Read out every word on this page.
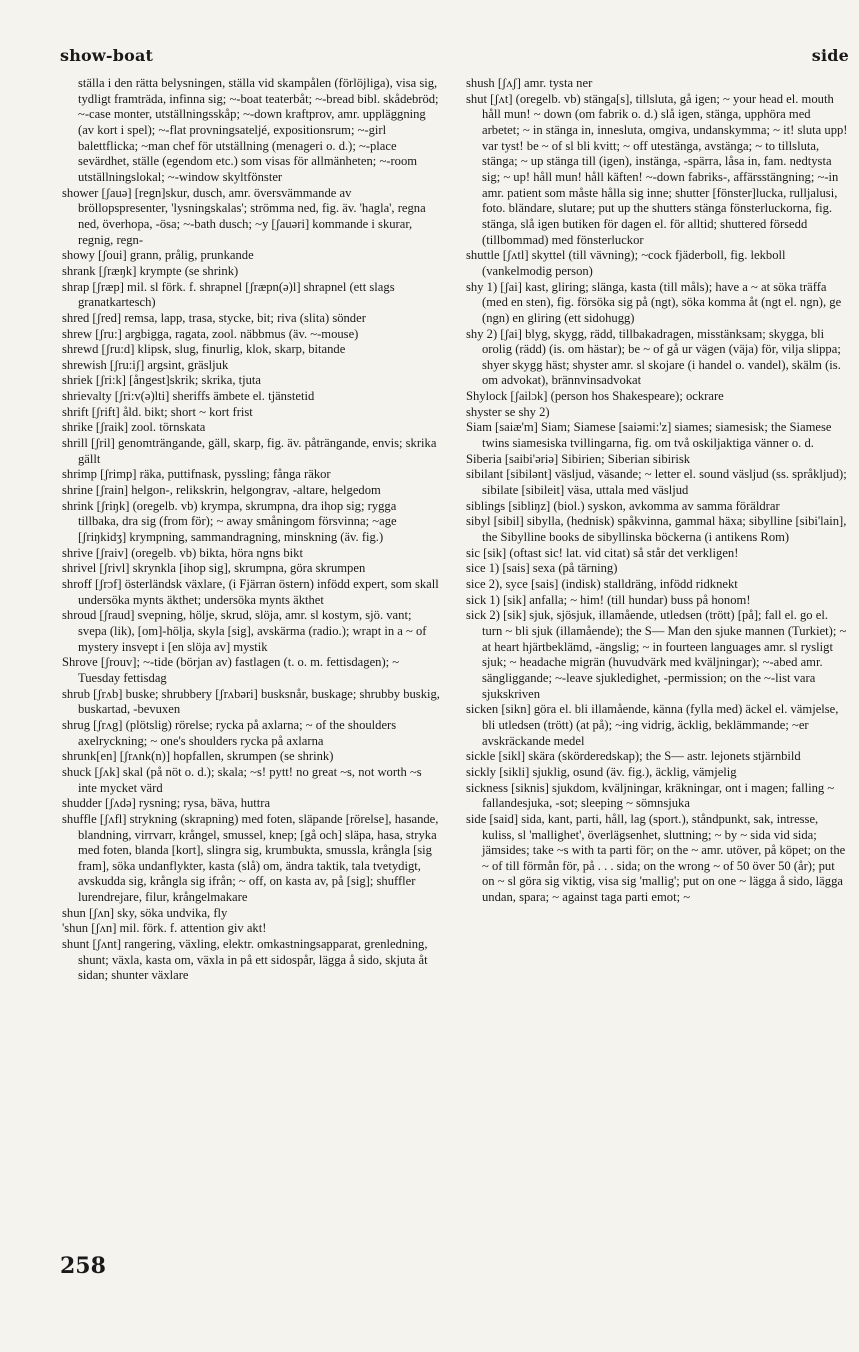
show-boat	side

ställa i den rätta belysningen, ställa vid skampålen (förlöjliga), visa sig, tydligt framträda, infinna sig; ~-boat teaterbåt; ~-bread bibl. skådebröd; ~-case monter, utställningsskåp; ~-down kraftprov, amr. uppläggning (av kort i spel); ~-flat provningsateljé, expositionsrum; ~-girl balettflicka; ~man chef för utställning (menageri o. d.); ~-place sevärdhet, ställe (egendom etc.) som visas för allmänheten; ~-room utställningslokal; ~-window skyltfönster

shower [ʃauə] [regn]skur, dusch, amr. översvämmande av bröllopspresenter, 'lysningskalas'; strömma ned, fig. äv. 'hagla', regna ned, överhopa, -ösa; ~-bath dusch; ~y [ʃauəri] kommande i skurar, regnig, regn-

showy [ʃoui] grann, prålig, prunkande

shrank [ʃræŋk] krympte (se shrink)

shrap [ʃræp] mil. sl förk. f. shrapnel [ʃræpn(ə)l] shrapnel (ett slags granatkartesch)

shred [ʃred] remsa, lapp, trasa, stycke, bit; riva (slita) sönder

shrew [ʃru:] argbigga, ragata, zool. näbbmus (äv. ~-mouse)

shrewd [ʃru:d] klipsk, slug, finurlig, klok, skarp, bitande

shrewish [ʃru:iʃ] argsint, gräsljuk

shriek [ʃri:k] [ångest]skrik; skrika, tjuta

shrievalty [ʃri:v(ə)lti] sheriffs ämbete el. tjänstetid

shrift [ʃrift] åld. bikt; short ~ kort frist

shrike [ʃraik] zool. törnskata

shrill [ʃril] genomträngande, gäll, skarp, fig. äv. påträngande, envis; skrika gällt

shrimp [ʃrimp] räka, puttifnask, pyssling; fånga räkor

shrine [ʃrain] helgon-, relikskrin, helgongrav, -altare, helgedom

shrink [ʃriŋk] (oregelb. vb) krympa, skrumpna, dra ihop sig; rygga tillbaka, dra sig (from för); ~ away småningom försvinna; ~age [ʃriŋkidʒ] krympning, sammandragning, minskning (äv. fig.)

shrive [ʃraiv] (oregelb. vb) bikta, höra ngns bikt

shrivel [ʃrivl] skrynkla [ihop sig], skrumpna, göra skrumpen

shroff [ʃrɔf] österländsk växlare, (i Fjärran östern) infödd expert, som skall undersöka mynts äkthet; undersöka mynts äkthet

shroud [ʃraud] svepning, hölje, skrud, slöja, amr. sl kostym, sjö. vant; svepa (lik), [om]-hölja, skyla [sig], avskärma (radio.); wrapt in a ~ of mystery insvept i [en slöja av] mystik

Shrove [ʃrouv]; ~-tide (början av) fastlagen (t. o. m. fettisdagen); ~ Tuesday fettisdag

shrub [ʃrʌb] buske; shrubbery [ʃrʌbəri] busksnår, buskage; shrubby buskig, buskartad, -bevuxen

shrug [ʃrʌg] (plötslig) rörelse; rycka på axlarna; ~ of the shoulders axelryckning; ~ one's shoulders rycka på axlarna

shrunk[en] [ʃrʌnk(n)] hopfallen, skrumpen (se shrink)

shuck [ʃʌk] skal (på nöt o. d.); skala; ~s! pytt! no great ~s, not worth ~s inte mycket värd

shudder [ʃʌdə] rysning; rysa, bäva, huttra

shuffle [ʃʌfl] strykning (skrapning) med foten, släpande [rörelse], hasande, blandning, virrvarr, krångel, smussel, knep; [gå och] släpa, hasa, stryka med foten, blanda [kort], slingra sig, krumbukta, smussla, krångla [sig fram], söka undanflykter, kasta (slå) om, ändra taktik, tala tvetydigt, avskudda sig, krångla sig ifrån; ~ off, on kasta av, på [sig]; shuffler lurendrejare, filur, krångelmakare

shun [ʃʌn] sky, söka undvika, fly

'shun [ʃʌn] mil. förk. f. attention giv akt!

shunt [ʃʌnt] rangering, växling, elektr. omkastningsapparat, grenledning, shunt; växla, kasta om, växla in på ett sidospår, lägga å sido, skjuta åt sidan; shunter växlare

shush [ʃʌʃ] amr. tysta ner

shut [ʃʌt] (oregelb. vb) stänga[s], tillsluta, gå igen; ~ your head el. mouth håll mun! ~ down (om fabrik o. d.) slå igen, stänga, upphöra med arbetet; ~ in stänga in, innesluta, omgiva, undanskymma; ~ it! sluta upp! var tyst! be ~ of sl bli kvitt; ~ off utestänga, avstänga; ~ to tillsluta, stänga; ~ up stänga till (igen), instänga, -spärra, låsa in, fam. nedtysta sig; ~ up! håll mun! håll käften! ~-down fabriks-, affärsstängning; ~-in amr. patient som måste hålla sig inne; shutter [fönster]lucka, rulljalusi, foto. bländare, slutare; put up the shutters stänga fönsterluckorna, fig. stänga, slå igen butiken för dagen el. för alltid; shuttered försedd (tillbommad) med fönsterluckor

shuttle [ʃʌtl] skyttel (till vävning); ~cock fjäderboll, fig. lekboll (vankelmodig person)

shy 1) [ʃai] kast, gliring; slänga, kasta (till måls); have a ~ at söka träffa (med en sten), fig. försöka sig på (ngt), söka komma åt (ngt el. ngn), ge (ngn) en gliring (ett sidohugg)

shy 2) [ʃai] blyg, skygg, rädd, tillbakadragen, misstänksam; skygga, bli orolig (rädd) (is. om hästar); be ~ of gå ur vägen (väja) för, vilja slippa; shyer skygg häst; shyster amr. sl skojare (i handel o. vandel), skälm (is. om advokat), brännvinsadvokat

Shylock [ʃailɔk] (person hos Shakespeare); ockrare

shyster se shy 2)

Siam [saiæ'm] Siam; Siamese [saiəmi:'z] siames; siamesisk; the Siamese twins siamesiska tvillingarna, fig. om två oskiljaktiga vänner o. d.

Siberia [saibi'əriə] Sibirien; Siberian sibirisk

sibilant [sibilənt] väsljud, väsande; ~ letter el. sound väsljud (ss. språkljud); sibilate [sibileit] väsa, uttala med väsljud

siblings [sibliŋz] (biol.) syskon, avkomma av samma föräldrar

sibyl [sibil] sibylla, (hednisk) spåkvinna, gammal häxa; sibylline [sibi'lain], the Sibylline books de sibyllinska böckerna (i antikens Rom)

sic [sik] (oftast sic! lat. vid citat) så står det verkligen!

sice 1) [sais] sexa (på tärning)

sice 2), syce [sais] (indisk) stalldräng, infödd ridknekt

sick 1) [sik] anfalla; ~ him! (till hundar) buss på honom!

sick 2) [sik] sjuk, sjösjuk, illamående, utledsen (trött) [på]; fall el. go el. turn ~ bli sjuk (illamående); the S— Man den sjuke mannen (Turkiet); ~ at heart hjärtbeklämd, -ängslig; ~ in fourteen languages amr. sl rysligt sjuk; ~ headache migrän (huvudvärk med kväljningar); ~-abed amr. sängliggande; ~-leave sjukledighet, -permission; on the ~-list vara sjukskriven

sicken [sikn] göra el. bli illamående, känna (fylla med) äckel el. vämjelse, bli utledsen (trött) (at på); ~ing vidrig, äcklig, beklämmande; ~er avskräckande medel

sickle [sikl] skära (skörderedskap); the S— astr. lejonets stjärnbild

sickly [sikli] sjuklig, osund (äv. fig.), äcklig, vämjelig

sickness [siknis] sjukdom, kväljningar, kräkningar, ont i magen; falling ~ fallandesjuka, -sot; sleeping ~ sömnsjuka

side [said] sida, kant, parti, håll, lag (sport.), ståndpunkt, sak, intresse, kuliss, sl 'mallighet', överlägsenhet, sluttning; ~ by ~ sida vid sida; jämsides; take ~s with ta parti för; on the ~ amr. utöver, på köpet; on the ~ of till förmån för, på . . . sida; on the wrong ~ of 50 över 50 (år); put on ~ sl göra sig viktig, visa sig 'mallig'; put on one ~ lägga å sido, lägga undan, spara; ~ against taga parti emot; ~

258
